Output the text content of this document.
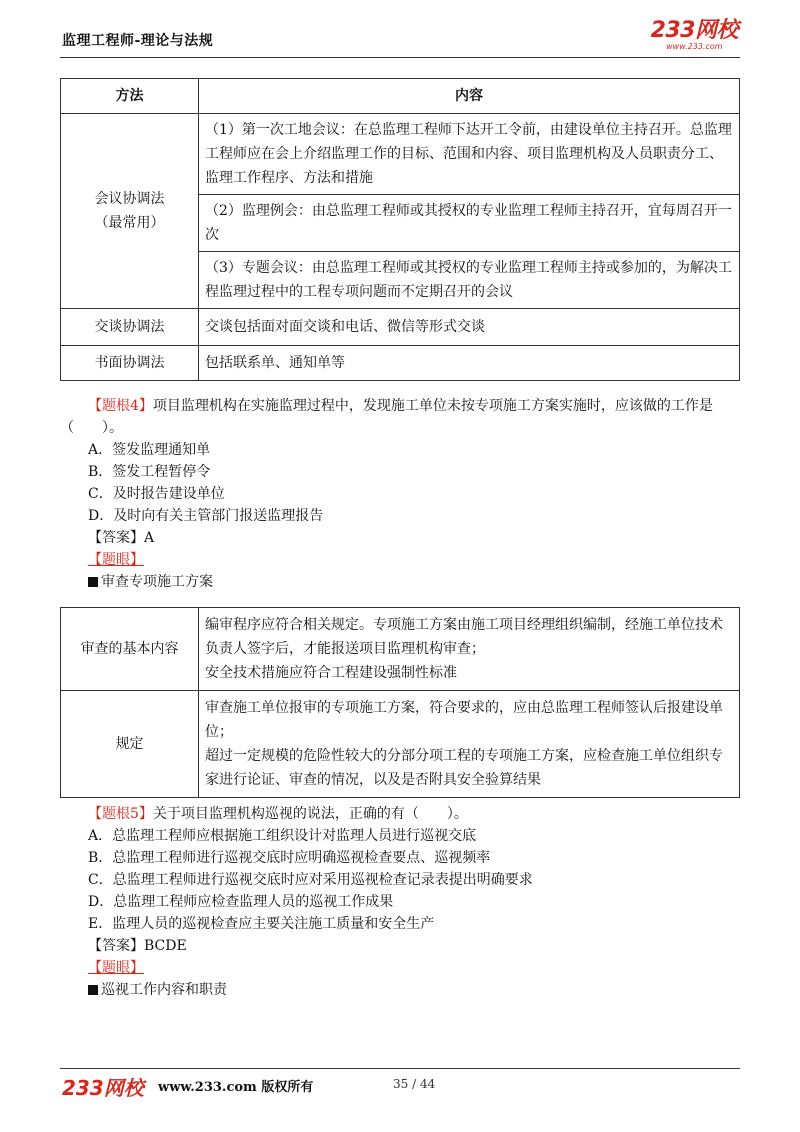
监理工程师-理论与法规	233网校
www.233.com
方法	内容

会议协调法
（最常用）	（1）第一次工地会议：在总监理工程师下达开工令前，由建设单位主持召开。总监理工程师应在会上介绍监理工作的目标、范围和内容、项目监理机构及人员职责分工、监理工作程序、方法和措施
	（2）监理例会：由总监理工程师或其授权的专业监理工程师主持召开，宜每周召开一次
	（3）专题会议：由总监理工程师或其授权的专业监理工程师主持或参加的，为解决工程监理过程中的工程专项问题而不定期召开的会议
交谈协调法	交谈包括面对面交谈和电话、微信等形式交谈
书面协调法	包括联系单、通知单等

【题根4】项目监理机构在实施监理过程中，发现施工单位未按专项施工方案实施时，应该做的工作是（　　）。

A．签发监理通知单

B．签发工程暂停令

C．及时报告建设单位

D．及时向有关主管部门报送监理报告

【答案】A

【题眼】

审查专项施工方案

审查的基本内容	编审程序应符合相关规定。专项施工方案由施工项目经理组织编制，经施工单位技术负责人签字后，才能报送项目监理机构审查；
安全技术措施应符合工程建设强制性标准

规定	审查施工单位报审的专项施工方案，符合要求的，应由总监理工程师签认后报建设单位；
超过一定规模的危险性较大的分部分项工程的专项施工方案，应检查施工单位组织专家进行论证、审查的情况，以及是否附具安全验算结果

【题根5】关于项目监理机构巡视的说法，正确的有（　　）。

A．总监理工程师应根据施工组织设计对监理人员进行巡视交底

B．总监理工程师进行巡视交底时应明确巡视检查要点、巡视频率

C．总监理工程师进行巡视交底时应对采用巡视检查记录表提出明确要求

D．总监理工程师应检查监理人员的巡视工作成果

E．监理人员的巡视检查应主要关注施工质量和安全生产

【答案】BCDE

【题眼】

巡视工作内容和职责

233网校 www.233.com 版权所有	35 / 44
